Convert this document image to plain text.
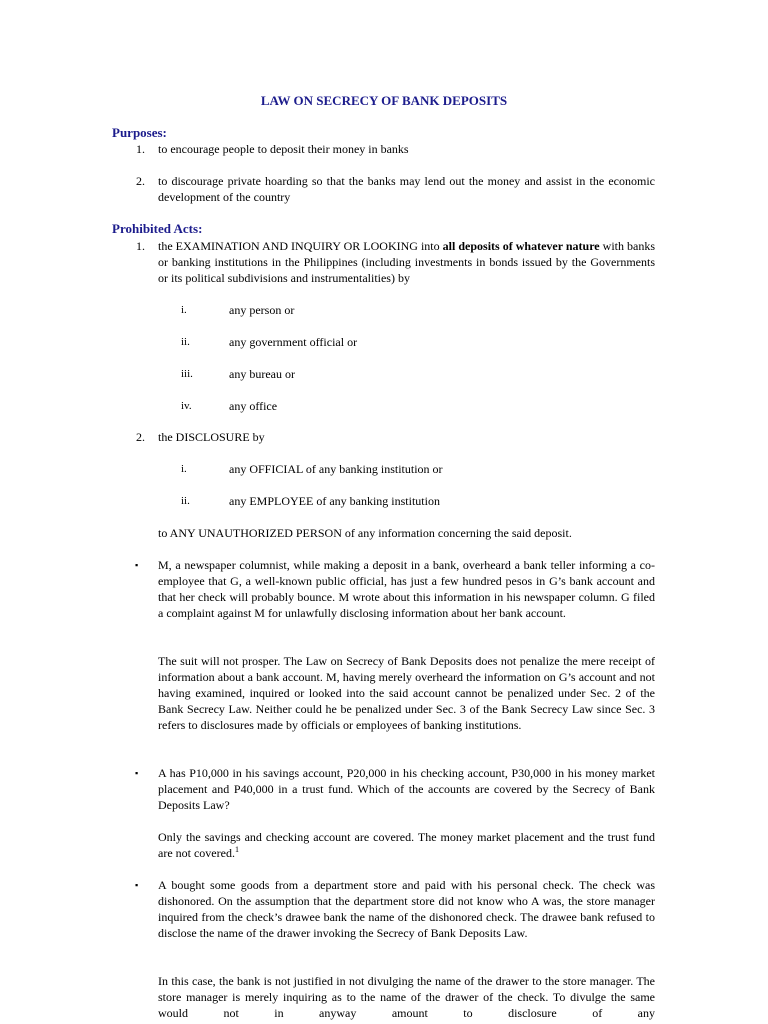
LAW ON SECRECY OF BANK DEPOSITS
Purposes:
1. to encourage people to deposit their money in banks
2. to discourage private hoarding so that the banks may lend out the money and assist in the economic development of the country
Prohibited Acts:
1. the EXAMINATION AND INQUIRY OR LOOKING into all deposits of whatever nature with banks or banking institutions in the Philippines (including investments in bonds issued by the Governments or its political subdivisions and instrumentalities) by
i.	any person or
ii.	any government official or
iii.	any bureau or
iv.	any office
2. the DISCLOSURE by
i.	any OFFICIAL of any banking institution or
ii.	any EMPLOYEE of any banking institution
to ANY UNAUTHORIZED PERSON of any information concerning the said deposit.
▪ M, a newspaper columnist, while making a deposit in a bank, overheard a bank teller informing a co-employee that G, a well-known public official, has just a few hundred pesos in G’s bank account and that her check will probably bounce. M wrote about this information in his newspaper column. G filed a complaint against M for unlawfully disclosing information about her bank account.
The suit will not prosper. The Law on Secrecy of Bank Deposits does not penalize the mere receipt of information about a bank account. M, having merely overheard the information on G’s account and not having examined, inquired or looked into the said account cannot be penalized under Sec. 2 of the Bank Secrecy Law. Neither could he be penalized under Sec. 3 of the Bank Secrecy Law since Sec. 3 refers to disclosures made by officials or employees of banking institutions.
▪ A has P10,000 in his savings account, P20,000 in his checking account, P30,000 in his money market placement and P40,000 in a trust fund. Which of the accounts are covered by the Secrecy of Bank Deposits Law?
Only the savings and checking account are covered. The money market placement and the trust fund are not covered.$^1$
▪ A bought some goods from a department store and paid with his personal check. The check was dishonored. On the assumption that the department store did not know who A was, the store manager inquired from the check’s drawee bank the name of the dishonored check. The drawee bank refused to disclose the name of the drawer invoking the Secrecy of Bank Deposits Law.
In this case, the bank is not justified in not divulging the name of the drawer to the store manager. The store manager is merely inquiring as to the name of the drawer of the check. To divulge the same would not in anyway amount to disclosure of any
